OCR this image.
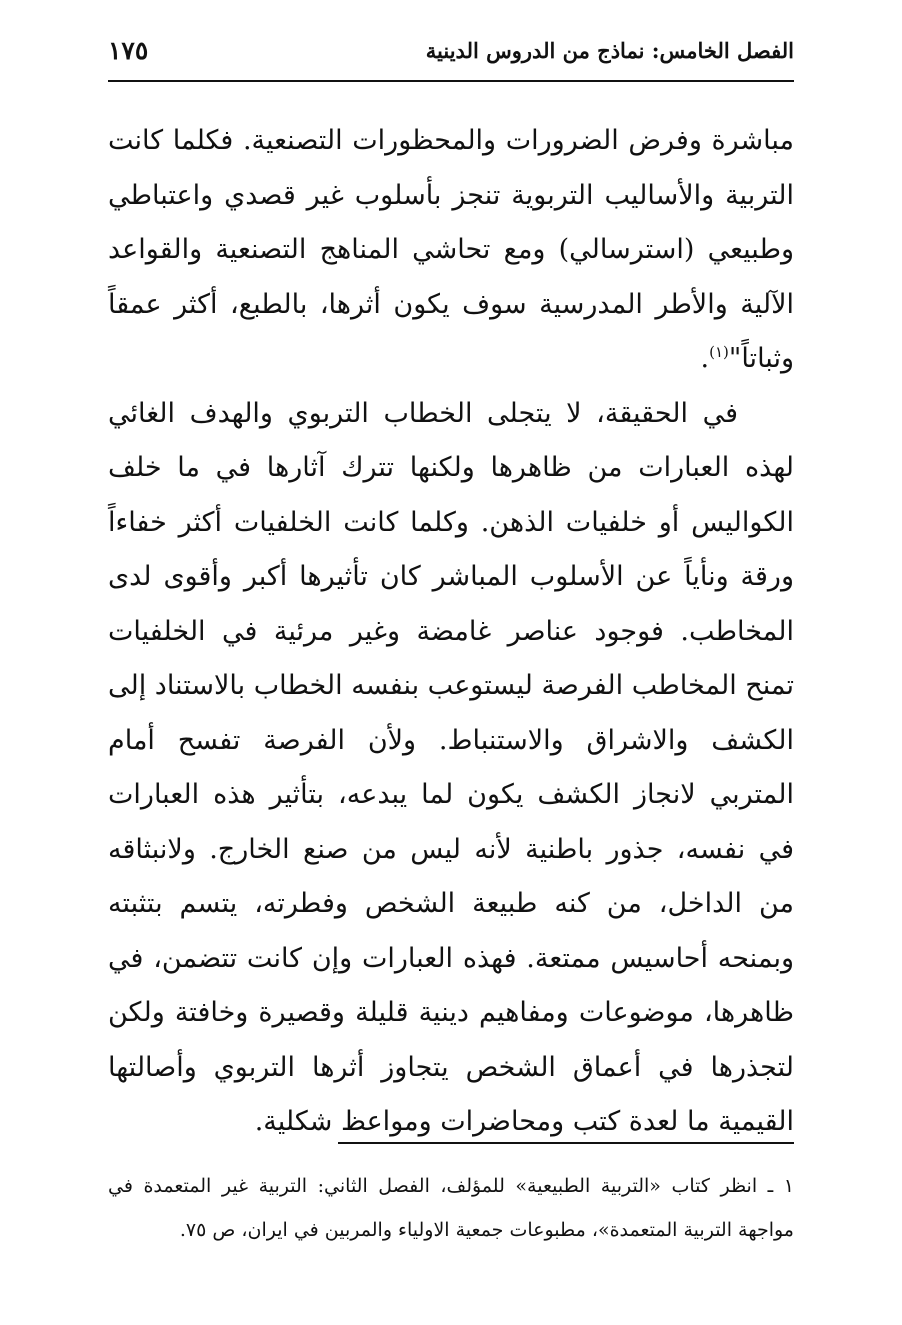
الفصل الخامس: نماذج من الدروس الدينية
١٧٥

مباشرة وفرض الضرورات والمحظورات التصنعية. فكلما كانت التربية والأساليب التربوية تنجز بأسلوب غير قصدي واعتباطي وطبيعي (استرسالي) ومع تحاشي المناهج التصنعية والقواعد الآلية والأطر المدرسية سوف يكون أثرها، بالطبع، أكثر عمقاً وثباتاً"$^{(١)}$.

في الحقيقة، لا يتجلى الخطاب التربوي والهدف الغائي لهذه العبارات من ظاهرها ولكنها تترك آثارها في ما خلف الكواليس أو خلفيات الذهن. وكلما كانت الخلفيات أكثر خفاءاً ورقة ونأياً عن الأسلوب المباشر كان تأثيرها أكبر وأقوى لدى المخاطب. فوجود عناصر غامضة وغير مرئية في الخلفيات تمنح المخاطب الفرصة ليستوعب بنفسه الخطاب بالاستناد إلى الكشف والاشراق والاستنباط. ولأن الفرصة تفسح أمام المتربي لانجاز الكشف يكون لما يبدعه، بتأثير هذه العبارات في نفسه، جذور باطنية لأنه ليس من صنع الخارج. ولانبثاقه من الداخل، من كنه طبيعة الشخص وفطرته، يتسم بتثبته وبمنحه أحاسيس ممتعة. فهذه العبارات وإن كانت تتضمن، في ظاهرها، موضوعات ومفاهيم دينية قليلة وقصيرة وخافتة ولكن لتجذرها في أعماق الشخص يتجاوز أثرها التربوي وأصالتها القيمية ما لعدة كتب ومحاضرات ومواعظ شكلية.

١ ـ انظر كتاب «التربية الطبيعية» للمؤلف، الفصل الثاني: التربية غير المتعمدة في مواجهة التربية المتعمدة»، مطبوعات جمعية الاولياء والمربين في ايران، ص ٧٥.
